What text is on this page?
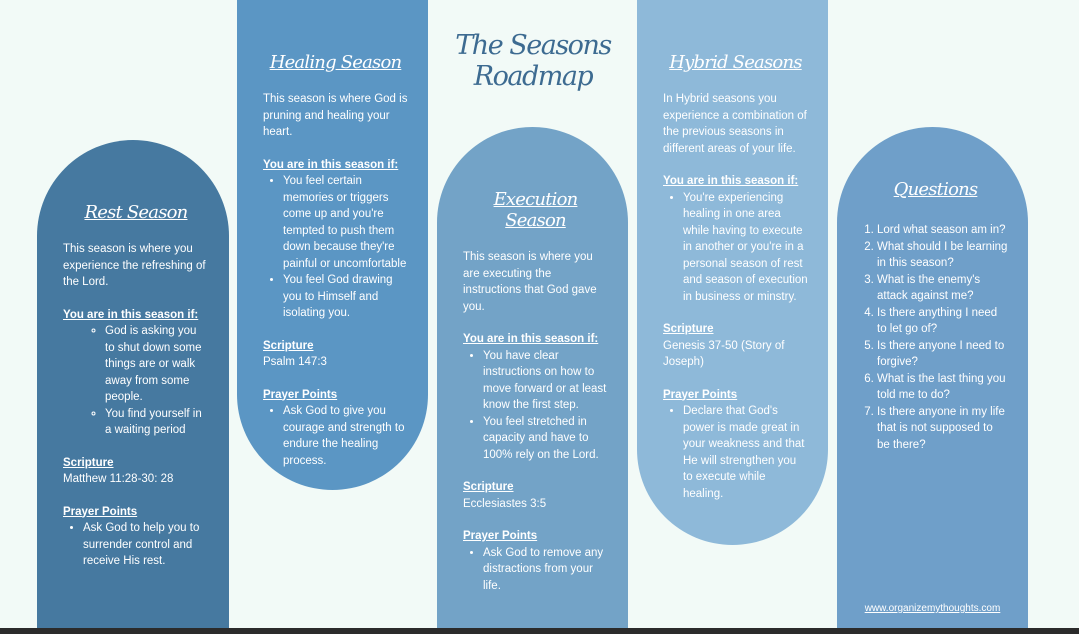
Rest Season

This season is where you experience the refreshing of the Lord.

You are in this season if:

◦ God is asking you to shut down some things are or walk away from some people.
◦ You find yourself in a waiting period

Scripture

Matthew 11:28-30: 28

Prayer Points

• Ask God to help you to surrender control and receive His rest.
Healing Season

This season is where God is pruning and healing your heart.

You are in this season if:

• You feel certain memories or triggers come up and you're tempted to push them down because they're painful or uncomfortable
• You feel God drawing you to Himself and isolating you.

Scripture

Psalm 147:3

Prayer Points

• Ask God to give you courage and strength to endure the healing process.
The Seasons
Roadmap
Execution Season

This season is where you are executing the instructions that God gave you.

You are in this season if:

• You have clear instructions on how to move forward or at least know the first step.
• You feel stretched in capacity and have to 100% rely on the Lord.

Scripture

Ecclesiastes 3:5

Prayer Points

• Ask God to remove any distractions from your life.
Hybrid Seasons

In Hybrid seasons you experience a combination of the previous seasons in different areas of your life.

You are in this season if:

• You're experiencing healing in one area while having to execute in another or you're in a personal season of rest and season of execution in business or minstry.

Scripture

Genesis 37-50 (Story of Joseph)

Prayer Points

• Declare that God's power is made great in your weakness and that He will strengthen you to execute while healing.
Questions
1. Lord what season am in?
2. What should I be learning in this season?
3. What is the enemy's attack against me?
4. Is there anything I need to let go of?
5. Is there anyone I need to forgive?
6. What is the last thing you told me to do?
7. Is there anyone in my life that is not supposed to be there?
www.organizemythoughts.com
